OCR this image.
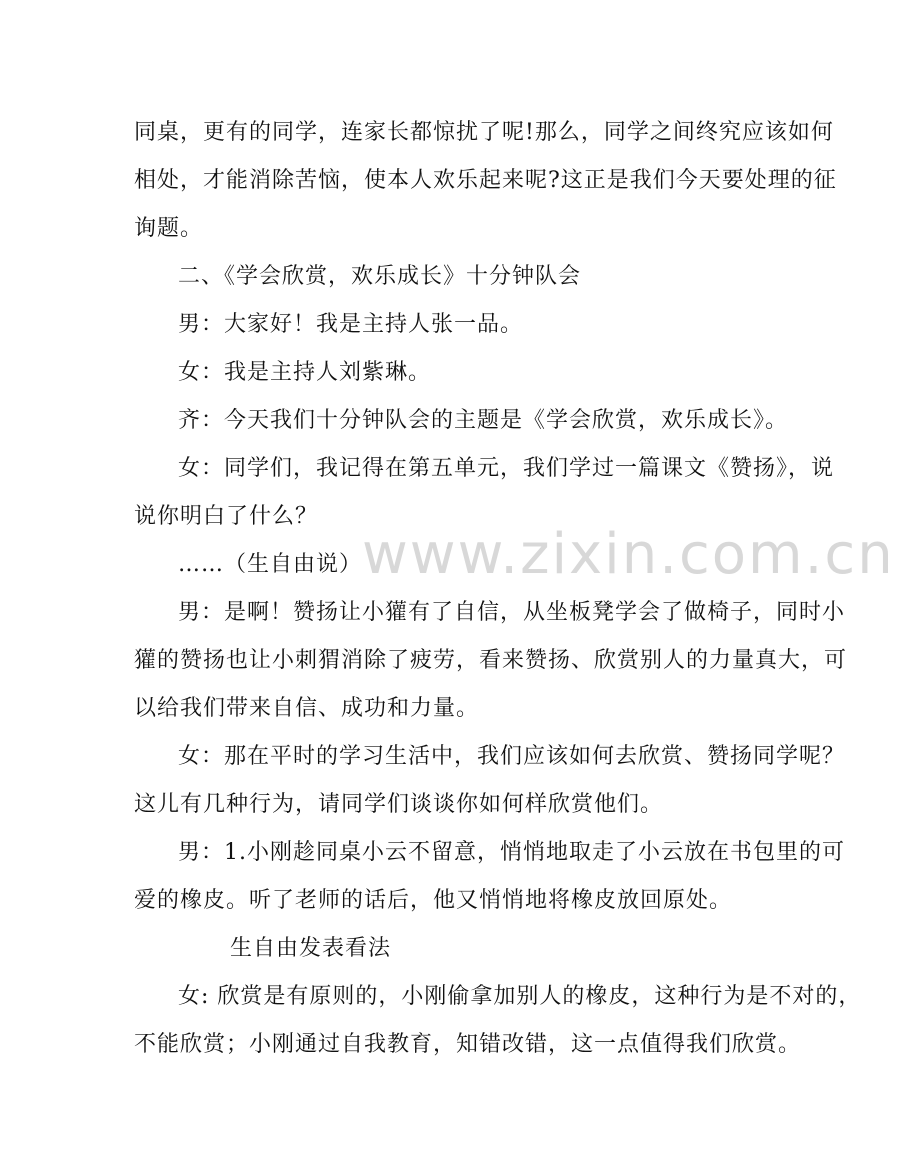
同桌，更有的同学，连家长都惊扰了呢!那么，同学之间终究应该如何
相处，才能消除苦恼，使本人欢乐起来呢?这正是我们今天要处理的征
询题。
二、《学会欣赏，欢乐成长》十分钟队会
男：大家好！我是主持人张一品。
女：我是主持人刘紫琳。
齐：今天我们十分钟队会的主题是《学会欣赏，欢乐成长》。
女：同学们，我记得在第五单元，我们学过一篇课文《赞扬》，说
说你明白了什么？
……（生自由说）
男：是啊！赞扬让小獾有了自信，从坐板凳学会了做椅子，同时小
獾的赞扬也让小刺猬消除了疲劳，看来赞扬、欣赏别人的力量真大，可
以给我们带来自信、成功和力量。
女：那在平时的学习生活中，我们应该如何去欣赏、赞扬同学呢？
这儿有几种行为，请同学们谈谈你如何样欣赏他们。
男：1.小刚趁同桌小云不留意，悄悄地取走了小云放在书包里的可
爱的橡皮。听了老师的话后，他又悄悄地将橡皮放回原处。
生自由发表看法
女: 欣赏是有原则的，小刚偷拿加别人的橡皮，这种行为是不对的，
不能欣赏；小刚通过自我教育，知错改错，这一点值得我们欣赏。
www.zixin.com.cn
